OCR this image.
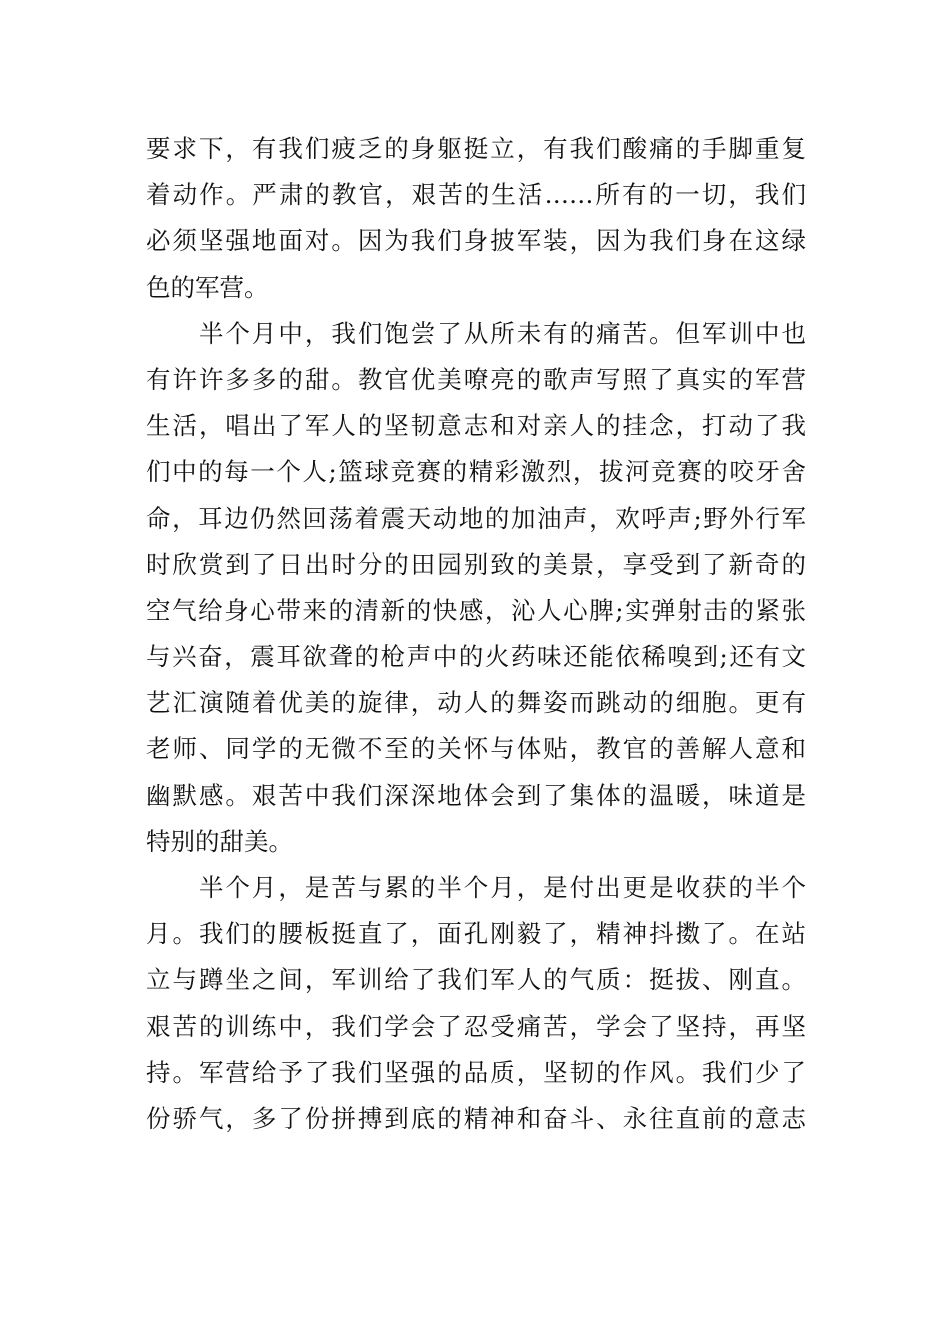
要求下，有我们疲乏的身躯挺立，有我们酸痛的手脚重复
着动作。严肃的教官，艰苦的生活……所有的一切，我们
必须坚强地面对。因为我们身披军装，因为我们身在这绿
色的军营。
　　半个月中，我们饱尝了从所未有的痛苦。但军训中也
有许许多多的甜。教官优美嘹亮的歌声写照了真实的军营
生活，唱出了军人的坚韧意志和对亲人的挂念，打动了我
们中的每一个人;篮球竞赛的精彩激烈，拔河竞赛的咬牙舍
命，耳边仍然回荡着震天动地的加油声，欢呼声;野外行军
时欣赏到了日出时分的田园别致的美景，享受到了新奇的
空气给身心带来的清新的快感，沁人心脾;实弹射击的紧张
与兴奋，震耳欲聋的枪声中的火药味还能依稀嗅到;还有文
艺汇演随着优美的旋律，动人的舞姿而跳动的细胞。更有
老师、同学的无微不至的关怀与体贴，教官的善解人意和
幽默感。艰苦中我们深深地体会到了集体的温暖，味道是
特别的甜美。
　　半个月，是苦与累的半个月，是付出更是收获的半个
月。我们的腰板挺直了，面孔刚毅了，精神抖擞了。在站
立与蹲坐之间，军训给了我们军人的气质：挺拔、刚直。
艰苦的训练中，我们学会了忍受痛苦，学会了坚持，再坚
持。军营给予了我们坚强的品质，坚韧的作风。我们少了
份骄气，多了份拼搏到底的精神和奋斗、永往直前的意志
